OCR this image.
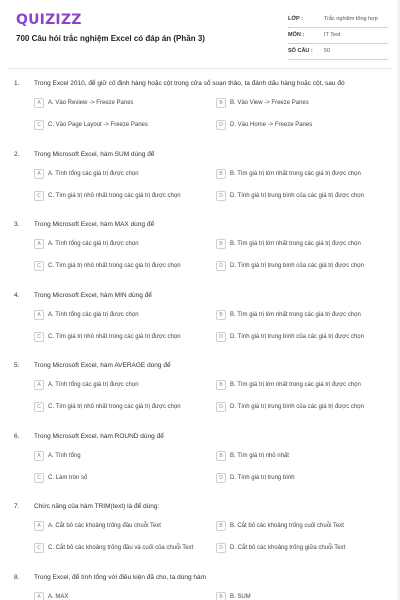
QUIZIZZ
700 Câu hỏi trắc nghiệm Excel có đáp án (Phần 3)
LỚP :	Trắc nghiệm tổng hợp
MÔN :	IT Test
SỐ CÂU : 50
1. Trong Excel 2010, để giữ cố định hàng hoặc cột trong cửa sổ soạn thảo, ta đánh dấu hàng hoặc cột, sau đó
A	A. Vào Review -> Freeze Panes	B	B. Vào View -> Freeze Panes
C	C. Vào Page Layout -> Freeze Panes	D	D. Vào Home -> Freeze Panes
2. Trong Microsoft Excel, hàm SUM dùng để
A	A. Tính tổng các giá trị được chọn	B	B. Tìm giá trị lớn nhất trong các giá trị được chọn
C	C. Tìm giá trị nhỏ nhất trong các giá trị được chọn	D	D. Tính giá trị trung bình của các giá trị được chọn
3. Trong Microsoft Excel, hàm MAX dùng để
A	A. Tính tổng các giá trị được chọn	B	B. Tìm giá trị lớn nhất trong các giá trị được chọn
C	C. Tìm giá trị nhỏ nhất trong các giá trị được chọn	D	D. Tính giá trị trung bình của các giá trị được chọn
4. Trong Microsoft Excel, hàm MIN dùng để
A	A. Tính tổng các giá trị được chọn	B	B. Tìm giá trị lớn nhất trong các giá trị được chọn
C	C. Tìm giá trị nhỏ nhất trong các giá trị được chọn	D	D. Tính giá trị trung bình của các giá trị được chọn
5. Trong Microsoft Excel, hàm AVERAGE dùng để
A	A. Tính tổng các giá trị được chọn	B	B. Tìm giá trị lớn nhất trong các giá trị được chọn
C	C. Tìm giá trị nhỏ nhất trong các giá trị được chọn	D	D. Tính giá trị trung bình của các giá trị được chọn
6. Trong Microsoft Excel, hàm ROUND dùng để
A	A. Tính tổng	B	B. Tìm giá trị nhỏ nhất
C	C. Làm tròn số	D	D. Tính giá trị trung bình
7. Chức năng của hàm TRIM(text) là để dùng:
A	A. Cắt bỏ các khoảng trống đầu chuỗi Text	B	B. Cắt bỏ các khoảng trống cuối chuỗi Text
C	C. Cắt bỏ các khoảng trống đầu và cuối của chuỗi Text	D	D. Cắt bỏ các khoảng trống giữa chuỗi Text
8. Trong Excel, để tính tổng với điều kiện đã cho, ta dùng hàm
A	A. MAX	B	B. SUM
